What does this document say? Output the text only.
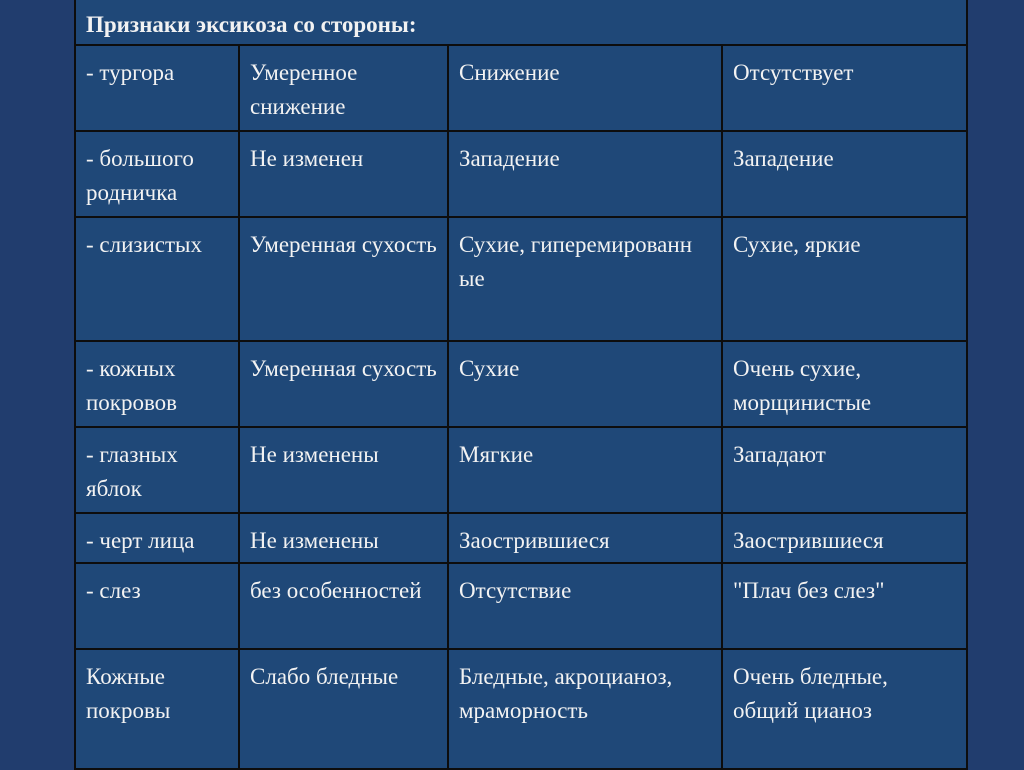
Признаки эксикоза со стороны:			
- тургора	Умеренное снижение	Снижение	Отсутствует
- большого родничка	Не изменен	Западение	Западение
- слизистых	Умеренная сухость	Сухие, гиперемированн ые	Сухие, яркие
- кожных покровов	Умеренная сухость	Сухие	Очень сухие, морщинистые
- глазных яблок	Не изменены	Мягкие	Западают
- черт лица	Не изменены	Заострившиеся	Заострившиеся
- слез	без особенностей	Отсутствие	"Плач без слез"
Кожные покровы	Слабо бледные	Бледные, акроцианоз, мраморность	Очень бледные, общий цианоз
